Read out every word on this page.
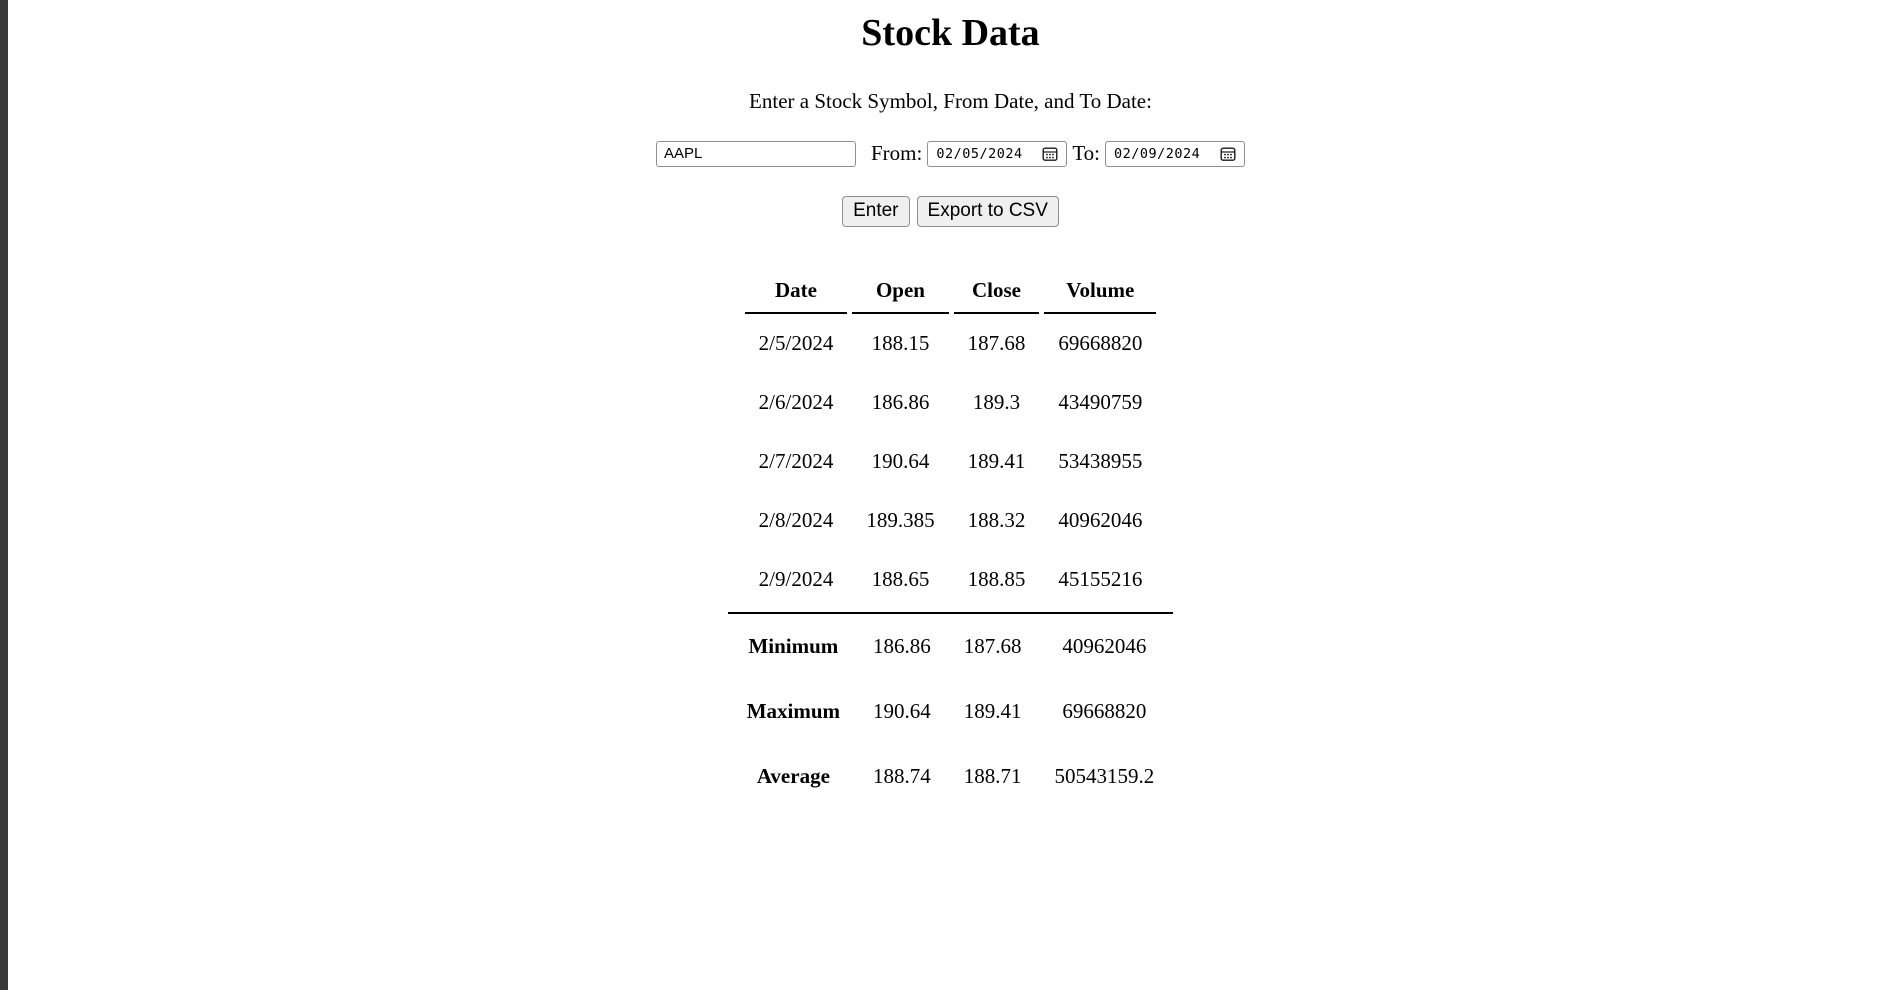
Stock Data
Enter a Stock Symbol, From Date, and To Date:
AAPL
From: 02/05/2024 To: 02/09/2024
Enter	Export to CSV
Date	Open	Close	Volume
2/5/2024	188.15	187.68	69668820
2/6/2024	186.86	189.3	43490759
2/7/2024	190.64	189.41	53438955
2/8/2024	189.385	188.32	40962046
2/9/2024	188.65	188.85	45155216
Minimum	186.86	187.68	40962046
Maximum	190.64	189.41	69668820
Average	188.74	188.71	50543159.2
